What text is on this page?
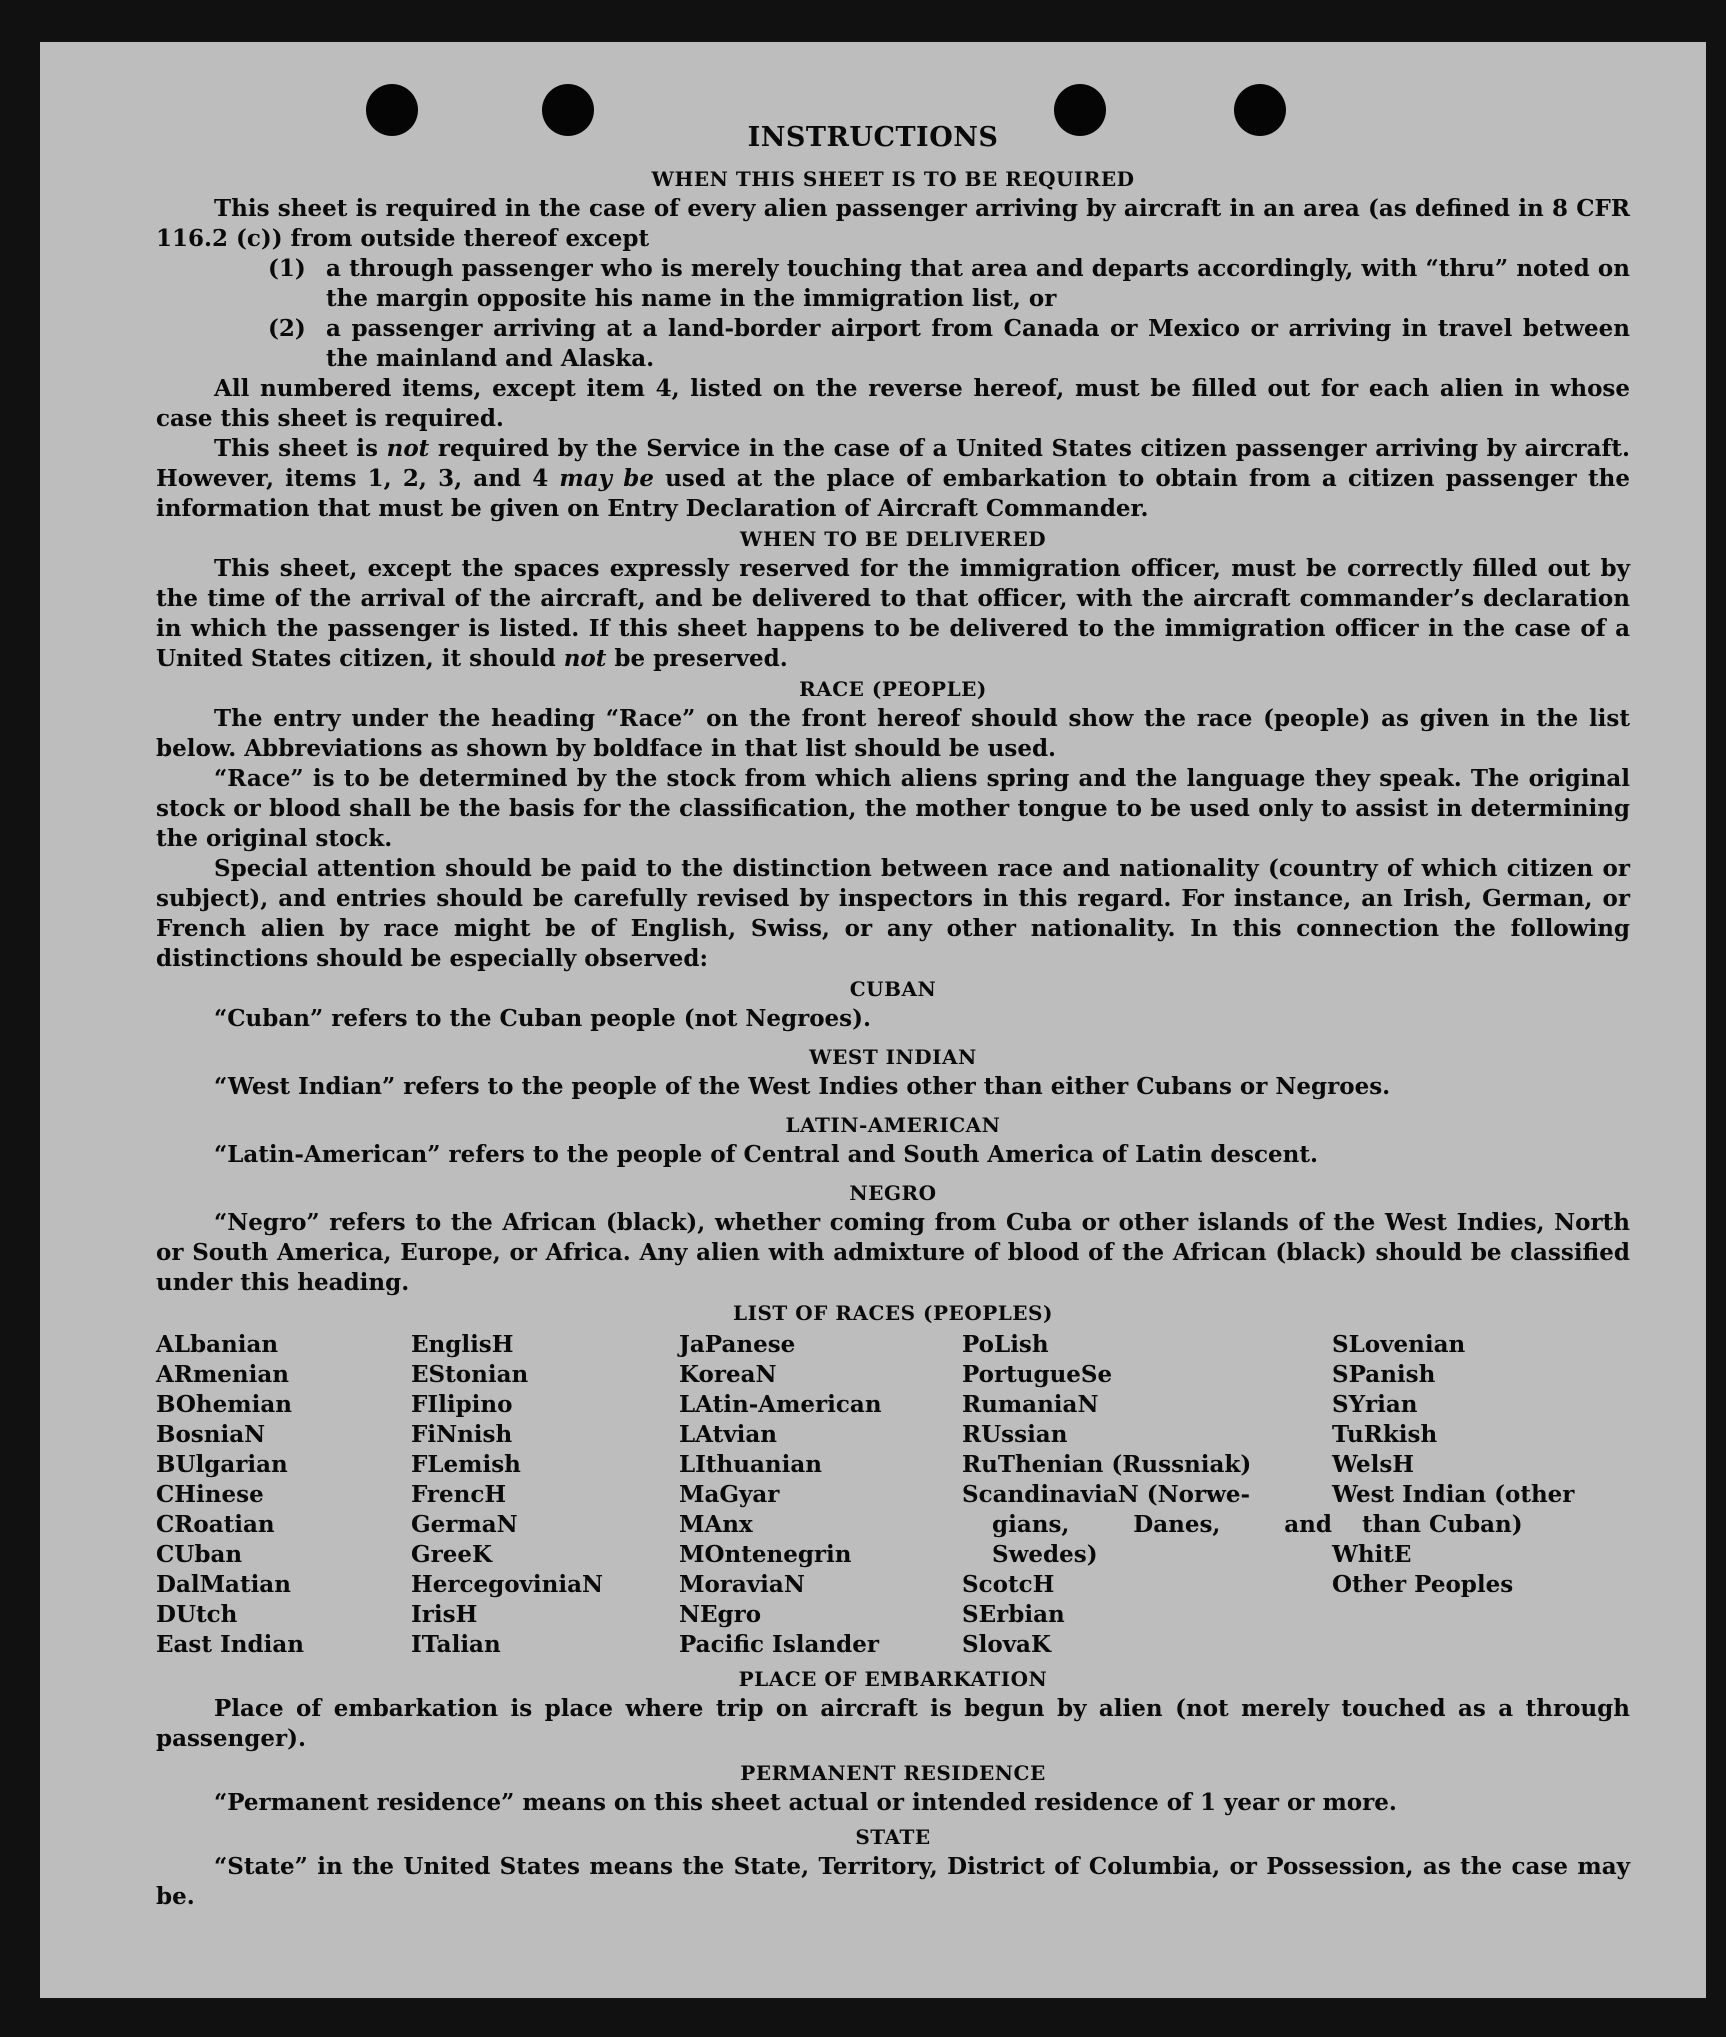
INSTRUCTIONS
WHEN THIS SHEET IS TO BE REQUIRED

This sheet is required in the case of every alien passenger arriving by aircraft in an area (as defined in 8 CFR 116.2 (c)) from outside thereof except

(1) a through passenger who is merely touching that area and departs accordingly, with “thru” noted on the margin opposite his name in the immigration list, or
(2) a passenger arriving at a land-border airport from Canada or Mexico or arriving in travel between the mainland and Alaska.

All numbered items, except item 4, listed on the reverse hereof, must be filled out for each alien in whose case this sheet is required.

This sheet is not required by the Service in the case of a United States citizen passenger arriving by aircraft. However, items 1, 2, 3, and 4 may be used at the place of embarkation to obtain from a citizen passenger the information that must be given on Entry Declaration of Aircraft Commander.

WHEN TO BE DELIVERED

This sheet, except the spaces expressly reserved for the immigration officer, must be correctly filled out by the time of the arrival of the aircraft, and be delivered to that officer, with the aircraft commander’s declaration in which the passenger is listed. If this sheet happens to be delivered to the immigration officer in the case of a United States citizen, it should not be preserved.

RACE (PEOPLE)

The entry under the heading “Race” on the front hereof should show the race (people) as given in the list below. Abbreviations as shown by boldface in that list should be used.

“Race” is to be determined by the stock from which aliens spring and the language they speak. The original stock or blood shall be the basis for the classification, the mother tongue to be used only to assist in determining the original stock.

Special attention should be paid to the distinction between race and nationality (country of which citizen or subject), and entries should be carefully revised by inspectors in this regard. For instance, an Irish, German, or French alien by race might be of English, Swiss, or any other nationality. In this connection the following distinctions should be especially observed:

CUBAN

“Cuban” refers to the Cuban people (not Negroes).

WEST INDIAN

“West Indian” refers to the people of the West Indies other than either Cubans or Negroes.

LATIN-AMERICAN

“Latin-American” refers to the people of Central and South America of Latin descent.

NEGRO

“Negro” refers to the African (black), whether coming from Cuba or other islands of the West Indies, North or South America, Europe, or Africa. Any alien with admixture of blood of the African (black) should be classified under this heading.

LIST OF RACES (PEOPLES)
ALbanian
ARmenian
BOhemian
BosniaN
BUlgarian
CHinese
CRoatian
CUban
DalMatian
DUtch
East Indian
EnglisH
EStonian
FIlipino
FiNnish
FLemish
FrencH
GermaN
GreeK
HercegoviniaN
IrisH
ITalian
JaPanese
KoreaN
LAtin-American
LAtvian
LIthuanian
MaGyar
MAnx
MOntenegrin
MoraviaN
NEgro
Pacific Islander
PoLish
PortugueSe
RumaniaN
RUssian
RuThenian (Russniak)
ScandinaviaN (Norwe-
gians,	Danes,	and
Swedes)
ScotcH
SErbian
SlovaK
SLovenian
SPanish
SYrian
TuRkish
WelsH
West Indian (other
than Cuban)
WhitE
Other Peoples
PLACE OF EMBARKATION

Place of embarkation is place where trip on aircraft is begun by alien (not merely touched as a through passenger).

PERMANENT RESIDENCE

“Permanent residence” means on this sheet actual or intended residence of 1 year or more.

STATE

“State” in the United States means the State, Territory, District of Columbia, or Possession, as the case may be.
